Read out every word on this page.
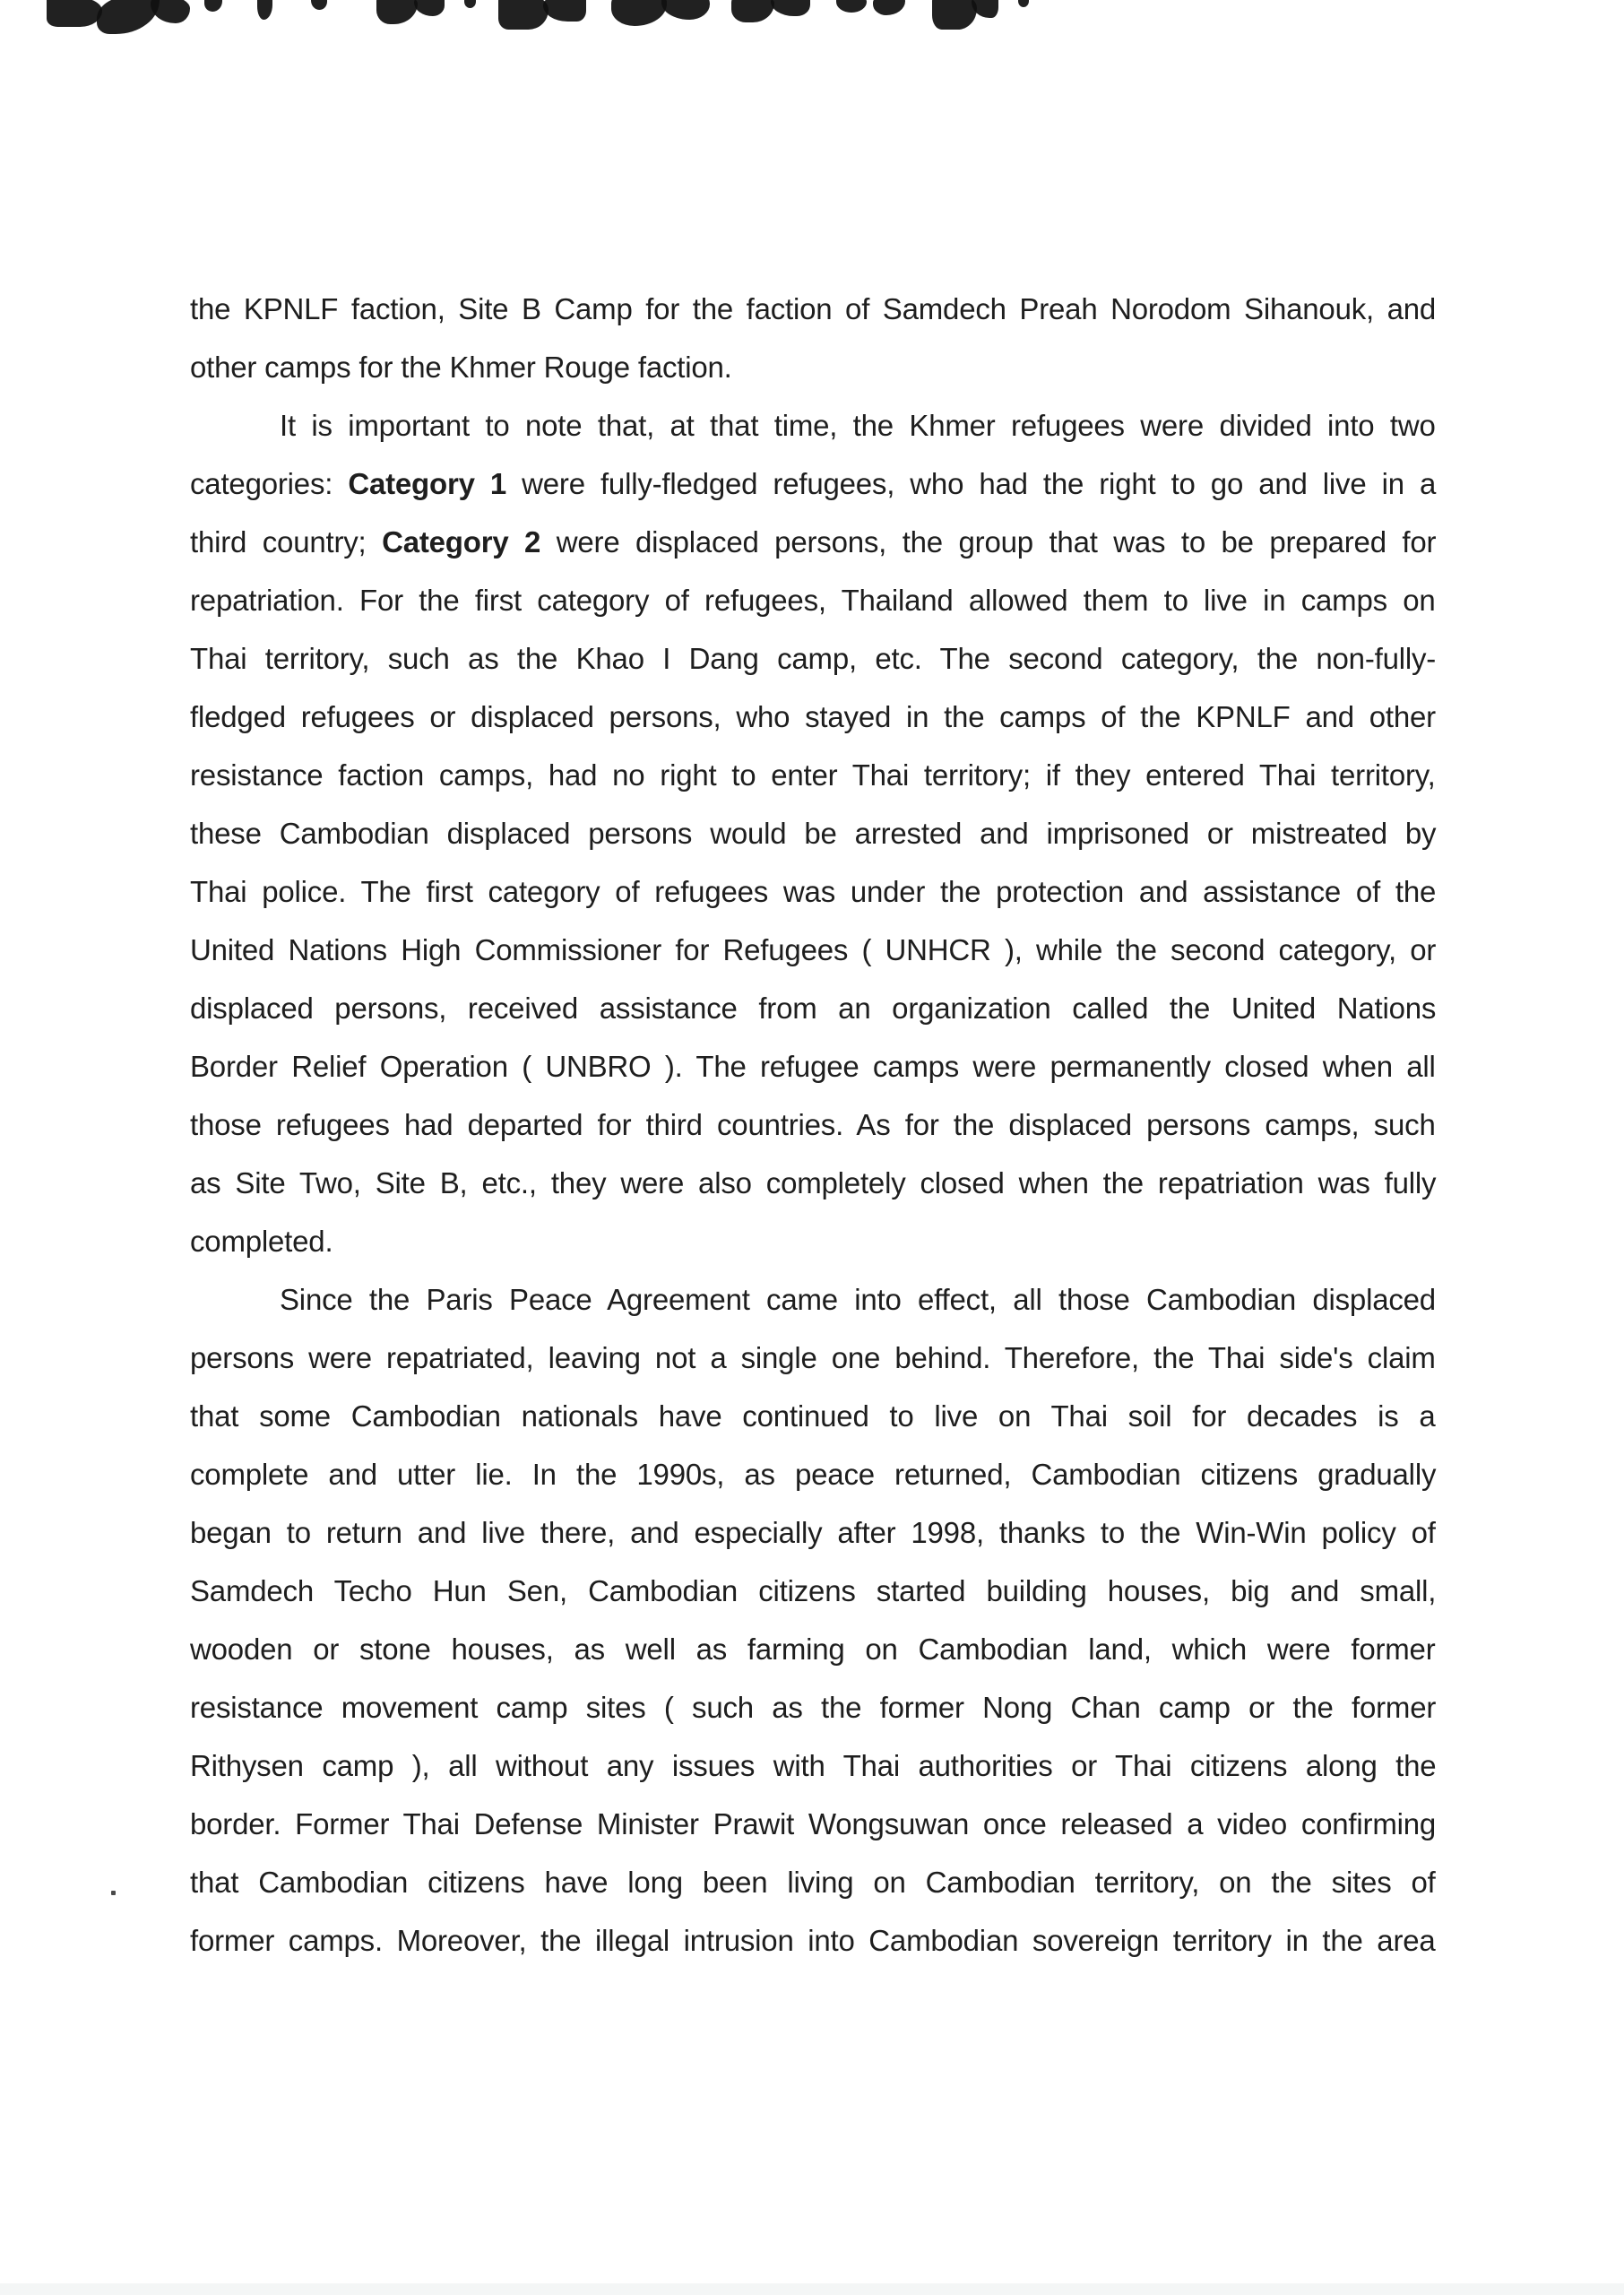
the KPNLF faction, Site B Camp for the faction of Samdech Preah Norodom Sihanouk, and
other camps for the Khmer Rouge faction.
It is important to note that, at that time, the Khmer refugees were divided into two
categories: Category 1 were fully-fledged refugees, who had the right to go and live in a
third country; Category 2 were displaced persons, the group that was to be prepared for
repatriation. For the first category of refugees, Thailand allowed them to live in camps on
Thai territory, such as the Khao I Dang camp, etc. The second category, the non-fully-
fledged refugees or displaced persons, who stayed in the camps of the KPNLF and other
resistance faction camps, had no right to enter Thai territory; if they entered Thai territory,
these Cambodian displaced persons would be arrested and imprisoned or mistreated by
Thai police. The first category of refugees was under the protection and assistance of the
United Nations High Commissioner for Refugees ( UNHCR ), while the second category, or
displaced persons, received assistance from an organization called the United Nations
Border Relief Operation ( UNBRO ). The refugee camps were permanently closed when all
those refugees had departed for third countries. As for the displaced persons camps, such
as Site Two, Site B, etc., they were also completely closed when the repatriation was fully
completed.
Since the Paris Peace Agreement came into effect, all those Cambodian displaced
persons were repatriated, leaving not a single one behind. Therefore, the Thai side's claim
that some Cambodian nationals have continued to live on Thai soil for decades is a
complete and utter lie. In the 1990s, as peace returned, Cambodian citizens gradually
began to return and live there, and especially after 1998, thanks to the Win-Win policy of
Samdech Techo Hun Sen, Cambodian citizens started building houses, big and small,
wooden or stone houses, as well as farming on Cambodian land, which were former
resistance movement camp sites ( such as the former Nong Chan camp or the former
Rithysen camp ), all without any issues with Thai authorities or Thai citizens along the
border. Former Thai Defense Minister Prawit Wongsuwan once released a video confirming
that Cambodian citizens have long been living on Cambodian territory, on the sites of
former camps. Moreover, the illegal intrusion into Cambodian sovereign territory in the area
